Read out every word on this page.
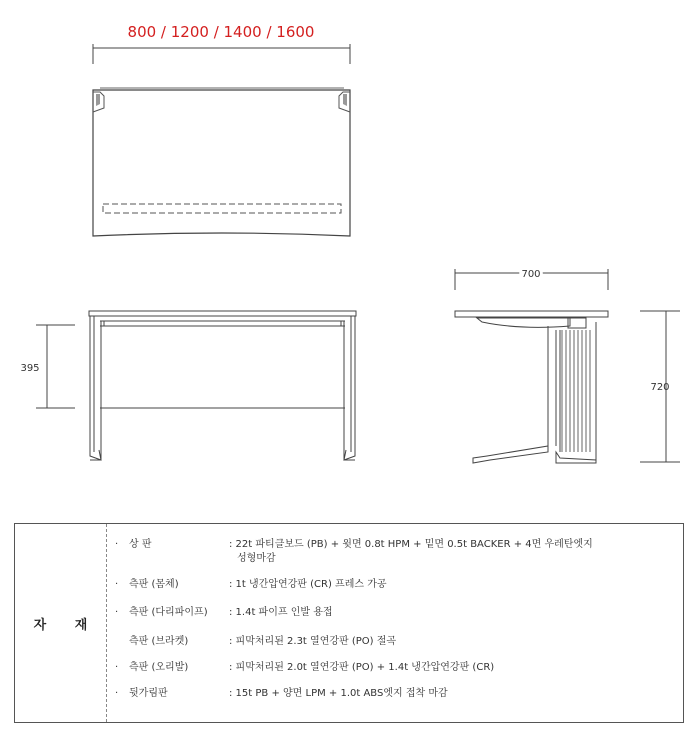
800 / 1200 / 1400 / 1600
395
700
720
자 재
·	상 판	: 22t 파티클보드 (PB) + 윗면 0.8t HPM + 밑면 0.5t BACKER + 4면 우레탄엣지
성형마감
·	측판 (몸체)	: 1t 냉간압연강판 (CR) 프레스 가공
·	측판 (다리파이프) : 1.4t 파이프 인발 용접
측판 (브라켓)	: 피막처리된 2.3t 열연강판 (PO) 절곡
·	측판 (오리발)	: 피막처리된 2.0t 열연강판 (PO) + 1.4t 냉간압연강판 (CR)
·	뒷가림판	: 15t PB + 양면 LPM + 1.0t ABS엣지 접착 마감
